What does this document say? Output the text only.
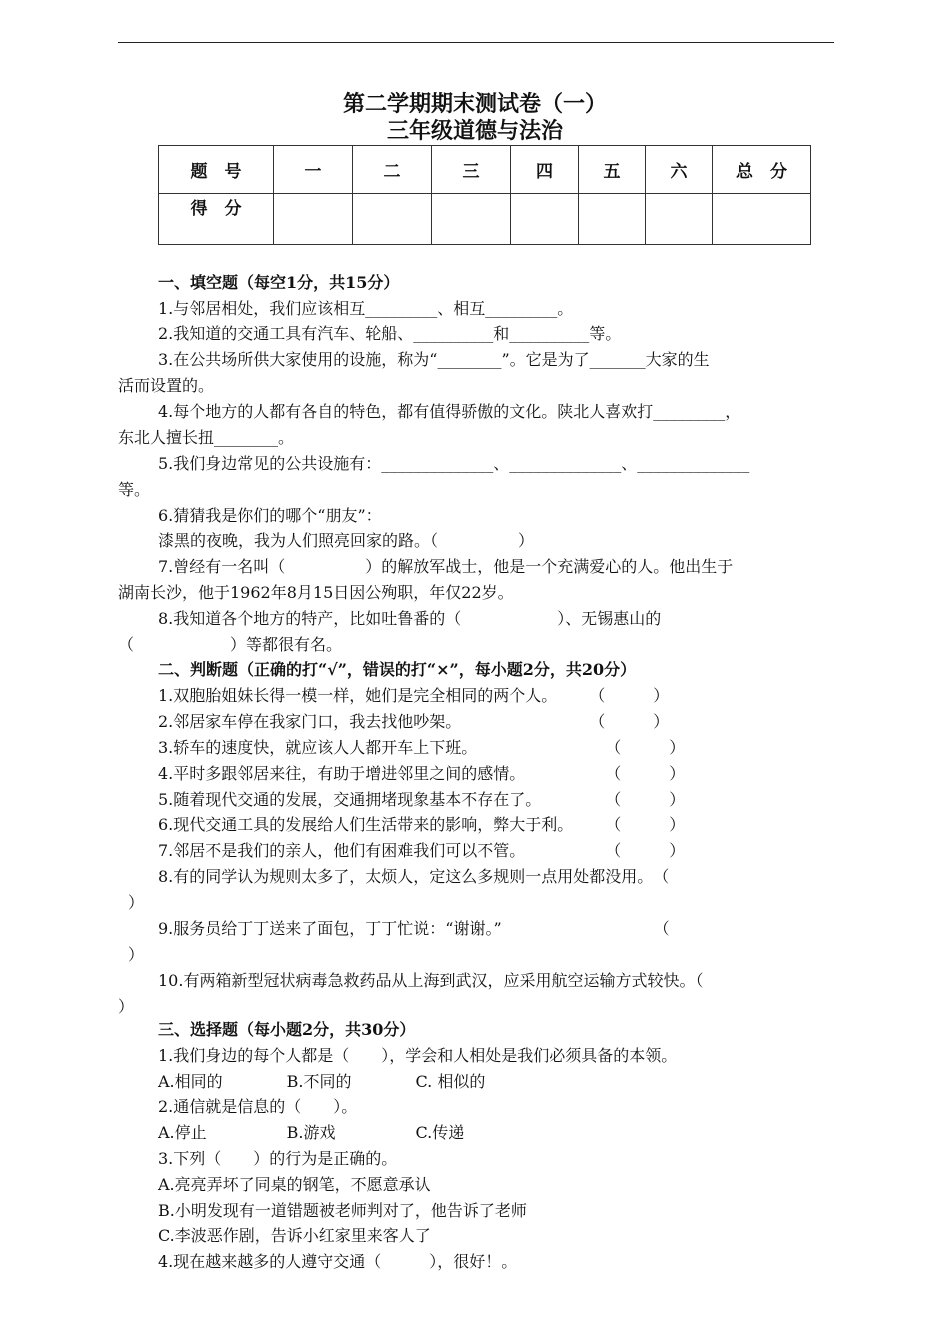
第二学期期末测试卷（一）
三年级道德与法治
题　号	一	二	三	四	五	六	总　分
得　分							
一、填空题（每空1分，共15分）
1.与邻居相处，我们应该相互_________、相互_________。
2.我知道的交通工具有汽车、轮船、__________和__________等。
3.在公共场所供大家使用的设施，称为“________”。它是为了_______大家的生
活而设置的。
4.每个地方的人都有各自的特色，都有值得骄傲的文化。陕北人喜欢打_________，
东北人擅长扭________。
5.我们身边常见的公共设施有：______________、______________、______________
等。
6.猜猜我是你们的哪个“朋友”：
漆黑的夜晚，我为人们照亮回家的路。（　　　　　）
7.曾经有一名叫（　　　　　）的解放军战士，他是一个充满爱心的人。他出生于
湖南长沙，他于1962年8月15日因公殉职，年仅22岁。
8.我知道各个地方的特产，比如吐鲁番的（　　　　　　）、无锡惠山的
（　　　　　　）等都很有名。
二、判断题（正确的打“√”，错误的打“×”，每小题2分，共20分）
1.双胞胎姐妹长得一模一样，她们是完全相同的两个人。　　　（　　　）
2.邻居家车停在我家门口，我去找他吵架。　　　　　　　　　（　　　）
3.轿车的速度快，就应该人人都开车上下班。　　　　　　　　　（　　　）
4.平时多跟邻居来往，有助于增进邻里之间的感情。　　　　　　（　　　）
5.随着现代交通的发展，交通拥堵现象基本不存在了。　　　　　（　　　）
6.现代交通工具的发展给人们生活带来的影响，弊大于利。　　　（　　　）
7.邻居不是我们的亲人，他们有困难我们可以不管。　　　　　　（　　　）
8.有的同学认为规则太多了，太烦人，定这么多规则一点用处都没用。　（
）
9.服务员给丁丁送来了面包，丁丁忙说：“谢谢。”　　　　　　　　　　（
）
10.有两箱新型冠状病毒急救药品从上海到武汉，应采用航空运输方式较快。（
）
三、选择题（每小题2分，共30分）
1.我们身边的每个人都是（　　），学会和人相处是我们必须具备的本领。
A.相同的　　　　B.不同的　　　　C. 相似的
2.通信就是信息的（　　）。
A.停止　　　　　B.游戏　　　　　C.传递
3.下列（　　）的行为是正确的。
A.亮亮弄坏了同桌的钢笔，不愿意承认
B.小明发现有一道错题被老师判对了，他告诉了老师
C.李波恶作剧，告诉小红家里来客人了
4.现在越来越多的人遵守交通（　　　），很好！。
